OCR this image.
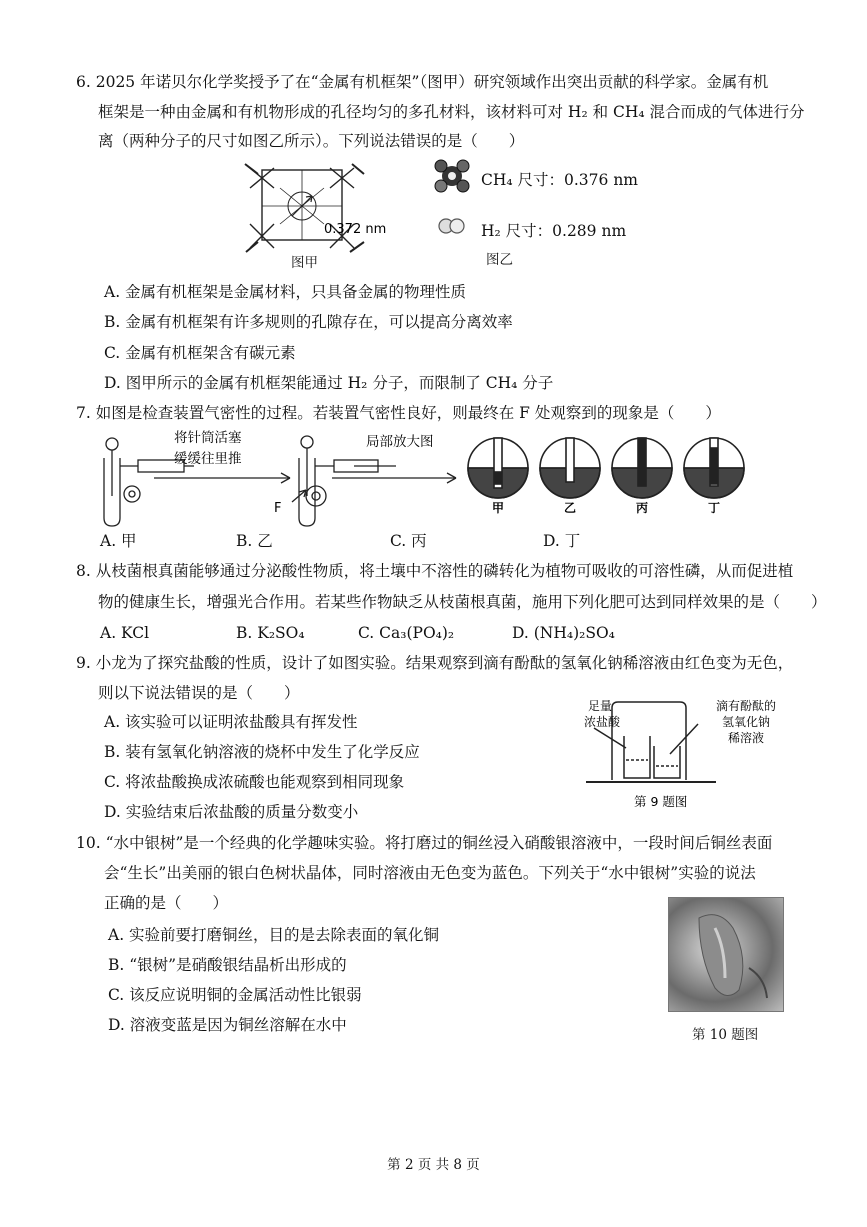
6. 2025 年诺贝尔化学奖授予了在“金属有机框架”（图甲）研究领域作出突出贡献的科学家。金属有机
框架是一种由金属和有机物形成的孔径均匀的多孔材料，该材料可对 H₂ 和 CH₄ 混合而成的气体进行分
离（两种分子的尺寸如图乙所示）。下列说法错误的是（　　）
0.372 nm
图甲
CH₄ 尺寸：0.376 nm
H₂ 尺寸：0.289 nm
图乙
A. 金属有机框架是金属材料，只具备金属的物理性质
B. 金属有机框架有许多规则的孔隙存在，可以提高分离效率
C. 金属有机框架含有碳元素
D. 图甲所示的金属有机框架能通过 H₂ 分子，而限制了 CH₄ 分子
7. 如图是检查装置气密性的过程。若装置气密性良好，则最终在 F 处观察到的现象是（　　）
将针筒活塞
缓缓往里推
局部放大图
F	甲	乙	丙	丁
A. 甲	B. 乙	C. 丙	D. 丁
8. 从枝菌根真菌能够通过分泌酸性物质，将土壤中不溶性的磷转化为植物可吸收的可溶性磷，从而促进植
物的健康生长，增强光合作用。若某些作物缺乏从枝菌根真菌，施用下列化肥可达到同样效果的是（　　）
A. KCl	B. K₂SO₄	C. Ca₃(PO₄)₂	D. (NH₄)₂SO₄
9. 小龙为了探究盐酸的性质，设计了如图实验。结果观察到滴有酚酞的氢氧化钠稀溶液由红色变为无色，
则以下说法错误的是（　　）
A. 该实验可以证明浓盐酸具有挥发性
B. 装有氢氧化钠溶液的烧杯中发生了化学反应
C. 将浓盐酸换成浓硫酸也能观察到相同现象
D. 实验结束后浓盐酸的质量分数变小
足量
浓盐酸
滴有酚酞的
氢氧化钠
稀溶液
第 9 题图
10. “水中银树”是一个经典的化学趣味实验。将打磨过的铜丝浸入硝酸银溶液中，一段时间后铜丝表面
会“生长”出美丽的银白色树状晶体，同时溶液由无色变为蓝色。下列关于“水中银树”实验的说法
正确的是（　　）
A. 实验前要打磨铜丝，目的是去除表面的氧化铜
B. “银树”是硝酸银结晶析出形成的
C. 该反应说明铜的金属活动性比银弱
D. 溶液变蓝是因为铜丝溶解在水中
第 10 题图
第 2 页 共 8 页
